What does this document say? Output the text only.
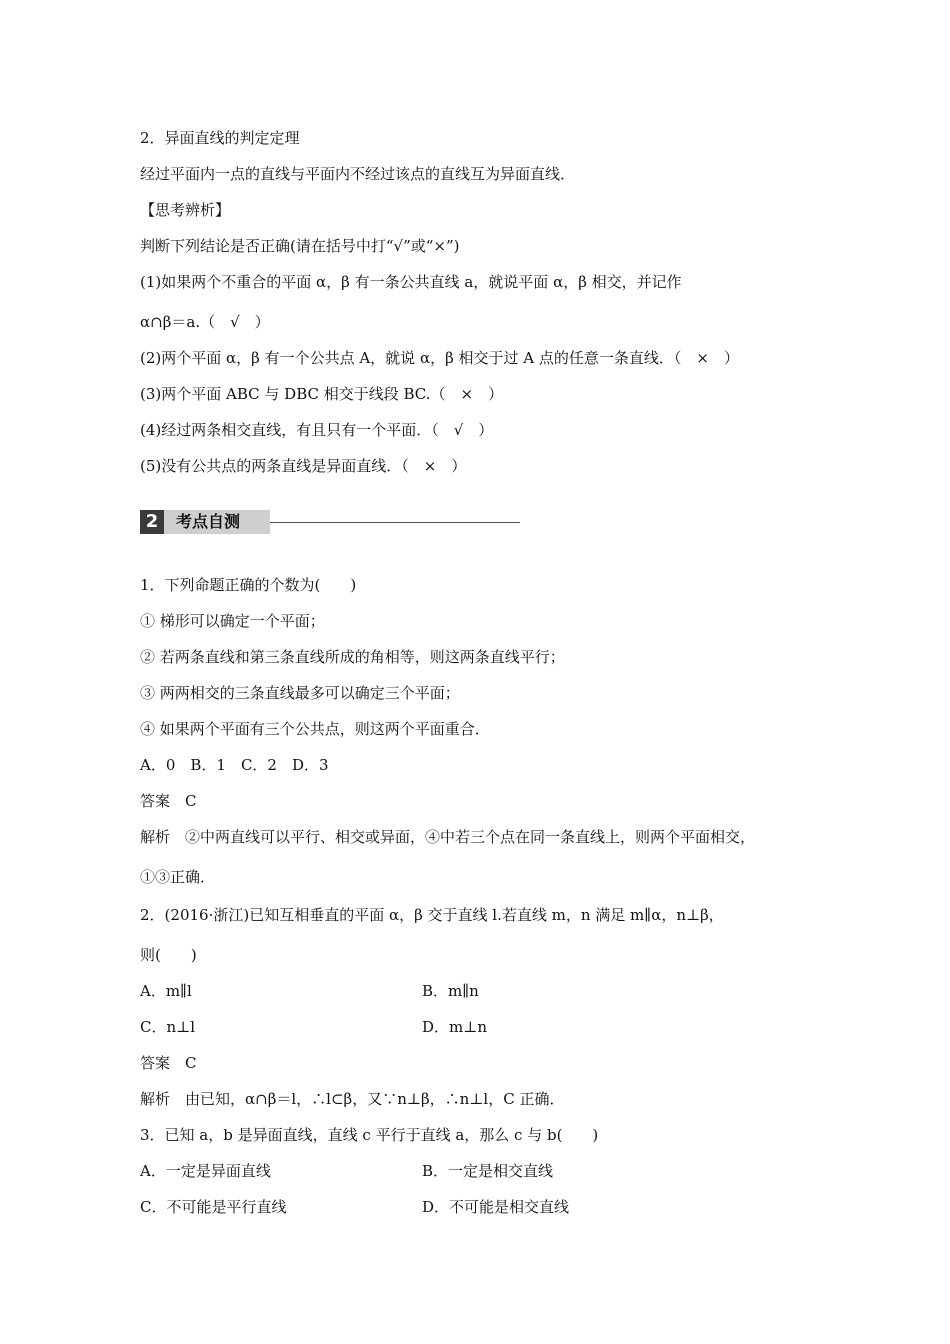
2．异面直线的判定定理
经过平面内一点的直线与平面内不经过该点的直线互为异面直线．
【思考辨析】
判断下列结论是否正确(请在括号中打“√”或“×”)
(1)如果两个不重合的平面 α，β 有一条公共直线 a，就说平面 α，β 相交，并记作
α∩β＝a.（　√　）
(2)两个平面 α，β 有一个公共点 A，就说 α，β 相交于过 A 点的任意一条直线．（　×　）
(3)两个平面 ABC 与 DBC 相交于线段 BC.（　×　）
(4)经过两条相交直线，有且只有一个平面．（　√　）
(5)没有公共点的两条直线是异面直线．（　×　）
2	考点自测
1．下列命题正确的个数为(　　)
① 梯形可以确定一个平面；
② 若两条直线和第三条直线所成的角相等，则这两条直线平行；
③ 两两相交的三条直线最多可以确定三个平面；
④ 如果两个平面有三个公共点，则这两个平面重合．
A．0　B．1　C．2　D．3
答案　C
解析　②中两直线可以平行、相交或异面，④中若三个点在同一条直线上，则两个平面相交，
①③正确．
2．(2016·浙江)已知互相垂直的平面 α，β 交于直线 l.若直线 m，n 满足 m∥α，n⊥β，
则(　　)
A．m∥l	B．m∥n
C．n⊥l	D．m⊥n
答案　C
解析　由已知，α∩β＝l，∴l⊂β，又∵n⊥β，∴n⊥l，C 正确．
3．已知 a，b 是异面直线，直线 c 平行于直线 a，那么 c 与 b(　　)
A．一定是异面直线	B．一定是相交直线
C．不可能是平行直线	D．不可能是相交直线
